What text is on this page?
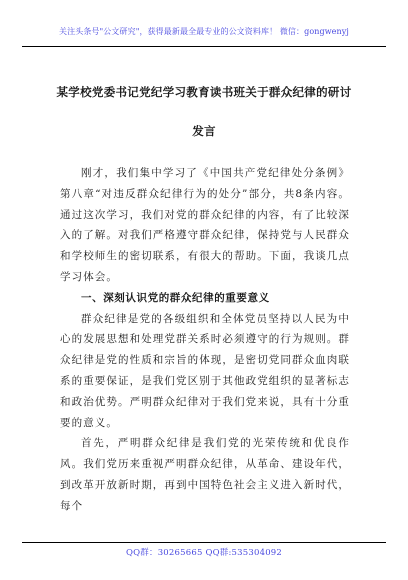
关注头条号"公文研究"，获得最新最全最专业的公文资料库！ 微信：gongwenyj
某学校党委书记党纪学习教育读书班关于群众纪律的研讨
发言

刚才，我们集中学习了《中国共产党纪律处分条例》第八章“对违反群众纪律行为的处分”部分，共8条内容。通过这次学习，我们对党的群众纪律的内容，有了比较深入的了解。对我们严格遵守群众纪律，保持党与人民群众和学校师生的密切联系，有很大的帮助。下面，我谈几点学习体会。

一、深刻认识党的群众纪律的重要意义

群众纪律是党的各级组织和全体党员坚持以人民为中心的发展思想和处理党群关系时必须遵守的行为规则。群众纪律是党的性质和宗旨的体现，是密切党同群众血肉联系的重要保证，是我们党区别于其他政党组织的显著标志和政治优势。严明群众纪律对于我们党来说，具有十分重要的意义。

首先，严明群众纪律是我们党的光荣传统和优良作风。我们党历来重视严明群众纪律，从革命、建设年代，到改革开放新时期，再到中国特色社会主义进入新时代，每个

QQ群：30265665 QQ群:535304092
